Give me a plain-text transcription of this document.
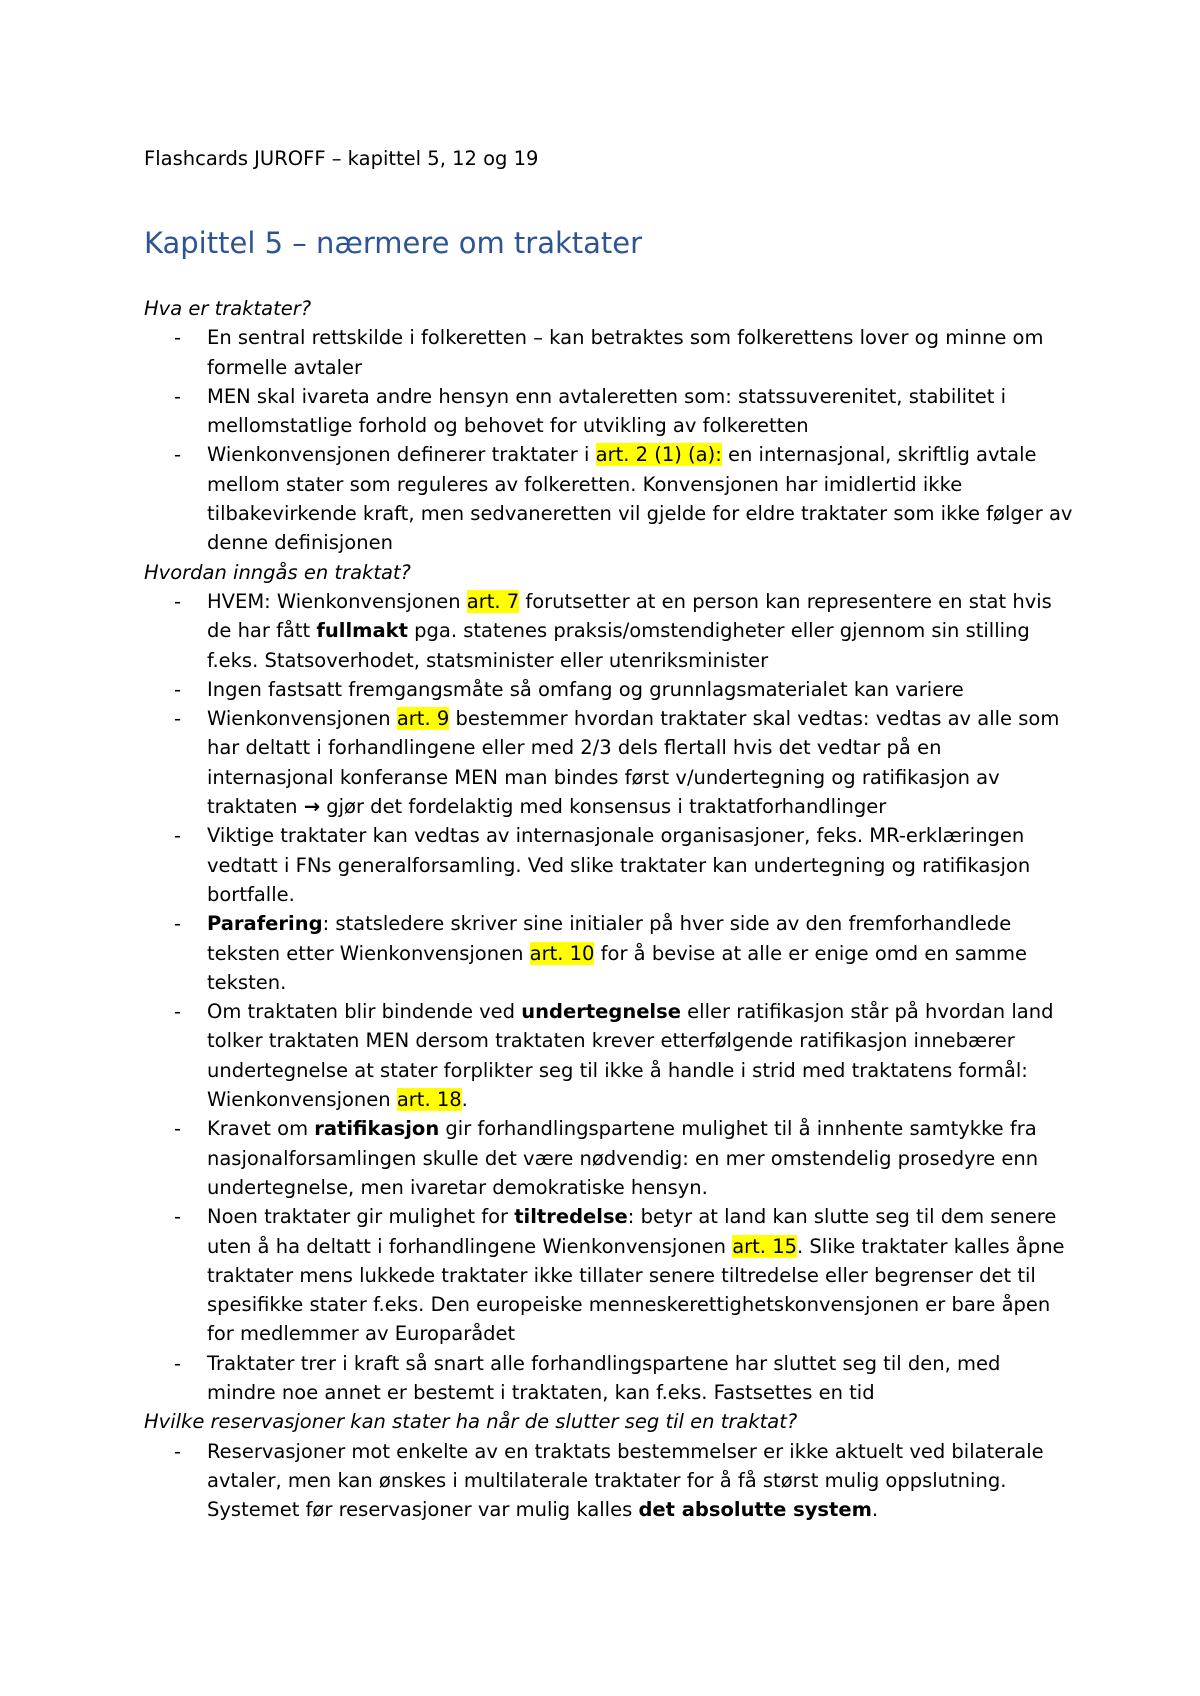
Flashcards JUROFF – kapittel 5, 12 og 19
Kapittel 5 – nærmere om traktater
Hva er traktater?
- En sentral rettskilde i folkeretten – kan betraktes som folkerettens lover og minne om formelle avtaler
- MEN skal ivareta andre hensyn enn avtaleretten som: statssuverenitet, stabilitet i mellomstatlige forhold og behovet for utvikling av folkeretten
- Wienkonvensjonen definerer traktater i art. 2 (1) (a): en internasjonal, skriftlig avtale mellom stater som reguleres av folkeretten. Konvensjonen har imidlertid ikke tilbakevirkende kraft, men sedvaneretten vil gjelde for eldre traktater som ikke følger av denne definisjonen
Hvordan inngås en traktat?
- HVEM: Wienkonvensjonen art. 7 forutsetter at en person kan representere en stat hvis de har fått fullmakt pga. statenes praksis/omstendigheter eller gjennom sin stilling f.eks. Statsoverhodet, statsminister eller utenriksminister
- Ingen fastsatt fremgangsmåte så omfang og grunnlagsmaterialet kan variere
- Wienkonvensjonen art. 9 bestemmer hvordan traktater skal vedtas: vedtas av alle som har deltatt i forhandlingene eller med 2/3 dels flertall hvis det vedtar på en internasjonal konferanse MEN man bindes først v/undertegning og ratifikasjon av traktaten → gjør det fordelaktig med konsensus i traktatforhandlinger
- Viktige traktater kan vedtas av internasjonale organisasjoner, feks. MR-erklæringen vedtatt i FNs generalforsamling. Ved slike traktater kan undertegning og ratifikasjon bortfalle.
- Parafering: statsledere skriver sine initialer på hver side av den fremforhandlede teksten etter Wienkonvensjonen art. 10 for å bevise at alle er enige omd en samme teksten.
- Om traktaten blir bindende ved undertegnelse eller ratifikasjon står på hvordan land tolker traktaten MEN dersom traktaten krever etterfølgende ratifikasjon innebærer undertegnelse at stater forplikter seg til ikke å handle i strid med traktatens formål: Wienkonvensjonen art. 18.
- Kravet om ratifikasjon gir forhandlingspartene mulighet til å innhente samtykke fra nasjonalforsamlingen skulle det være nødvendig: en mer omstendelig prosedyre enn undertegnelse, men ivaretar demokratiske hensyn.
- Noen traktater gir mulighet for tiltredelse: betyr at land kan slutte seg til dem senere uten å ha deltatt i forhandlingene Wienkonvensjonen art. 15. Slike traktater kalles åpne traktater mens lukkede traktater ikke tillater senere tiltredelse eller begrenser det til spesifikke stater f.eks. Den europeiske menneskerettighetskonvensjonen er bare åpen for medlemmer av Europarådet
- Traktater trer i kraft så snart alle forhandlingspartene har sluttet seg til den, med mindre noe annet er bestemt i traktaten, kan f.eks. Fastsettes en tid
Hvilke reservasjoner kan stater ha når de slutter seg til en traktat?
- Reservasjoner mot enkelte av en traktats bestemmelser er ikke aktuelt ved bilaterale avtaler, men kan ønskes i multilaterale traktater for å få størst mulig oppslutning. Systemet før reservasjoner var mulig kalles det absolutte system.
